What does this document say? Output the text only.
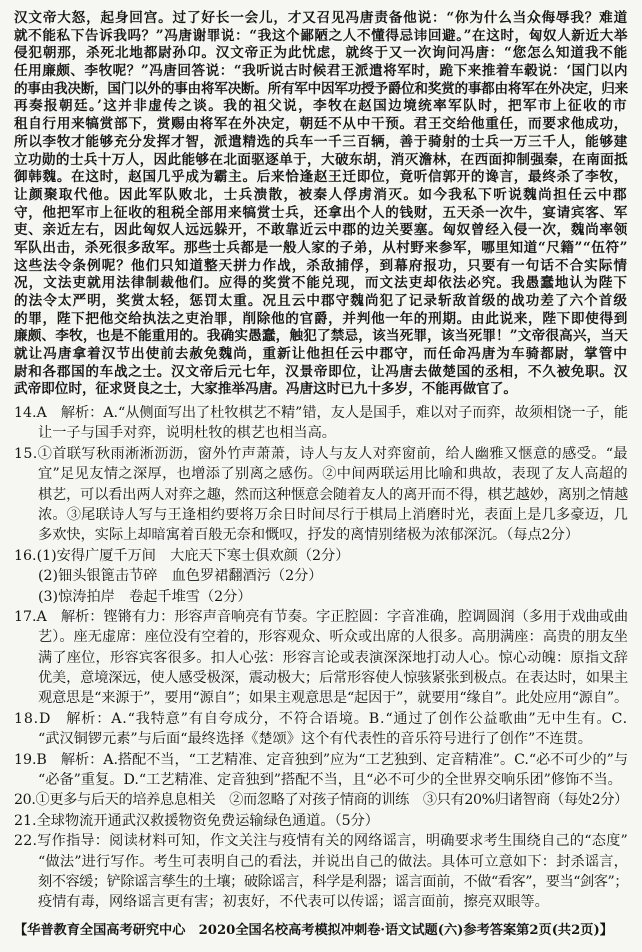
汉文帝大怒，起身回宫。过了好长一会儿，才又召见冯唐责备他说：“你为什么当众侮辱我？难道
就不能私下告诉我吗？”冯唐谢罪说：“我这个鄙陋之人不懂得忌讳回避。”在这时，匈奴人新近大举
侵犯朝那，杀死北地都尉孙卬。汉文帝正为此忧虑，就终于又一次询问冯唐：“您怎么知道我不能
任用廉颇、李牧呢？”冯唐回答说：“我听说古时候君王派遣将军时，跪下来推着车毂说：‘国门以内
的事由我决断，国门以外的事由将军决断。所有军中因军功授予爵位和奖赏的事都由将军在外决定，归来
再奏报朝廷。’这并非虚传之谈。我的祖父说，李牧在赵国边境统率军队时，把军市上征收的市
租自行用来犒赏部下，赏赐由将军在外决定，朝廷不从中干预。君王交给他重任，而要求他成功，
所以李牧才能够充分发挥才智，派遣精选的兵车一千三百辆，善于骑射的士兵一万三千人，能够建
立功勋的士兵十万人，因此能够在北面驱逐单于，大破东胡，消灭澹林，在西面抑制强秦，在南面抵
御韩魏。在这时，赵国几乎成为霸主。后来恰逢赵王迁即位，竟听信郭开的谗言，最终杀了李牧，
让颜聚取代他。因此军队败北，士兵溃散，被秦人俘虏消灭。如今我私下听说魏尚担任云中郡
守，他把军市上征收的租税全部用来犒赏士兵，还拿出个人的钱财，五天杀一次牛，宴请宾客、军
吏、亲近左右，因此匈奴人远远躲开，不敢靠近云中郡的边关要塞。匈奴曾经入侵一次，魏尚率领
军队出击，杀死很多敌军。那些士兵都是一般人家的子弟，从村野来参军，哪里知道“尺籍”“伍符”
这些法令条例呢？他们只知道整天拼力作战，杀敌捕俘，到幕府报功，只要有一句话不合实际情
况，文法吏就用法律制裁他们。应得的奖赏不能兑现，而文法吏却依法必究。我愚蠢地认为陛下
的法令太严明，奖赏太轻，惩罚太重。况且云中郡守魏尚犯了记录斩敌首级的战功差了六个首级
的罪，陛下把他交给执法之吏治罪，削除他的官爵，并判他一年的刑期。由此说来，陛下即使得到
廉颇、李牧，也是不能重用的。我确实愚蠢，触犯了禁忌，该当死罪，该当死罪！”文帝很高兴，当天
就让冯唐拿着汉节出使前去赦免魏尚，重新让他担任云中郡守，而任命冯唐为车骑都尉，掌管中
尉和各郡国的车战之士。汉文帝后元七年，汉景帝即位，让冯唐去做楚国的丞相，不久被免职。汉
武帝即位时，征求贤良之士，大家推举冯唐。冯唐这时已九十多岁，不能再做官了。
14.A　解析：A.“从侧面写出了杜牧棋艺不精”错，友人是国手，难以对子而弈，故须相饶一子，能
让一子与国手对弈，说明杜牧的棋艺也相当高。
15.①首联写秋雨淅淅沥沥，窗外竹声萧萧，诗人与友人对弈窗前，给人幽雅又惬意的感受。“最
宜”足见友情之深厚，也增添了别离之感伤。②中间两联运用比喻和典故，表现了友人高超的
棋艺，可以看出两人对弈之趣，然而这种惬意会随着友人的离开而不得，棋艺越妙，离别之情越
浓。③尾联诗人写与王逢相约要将万余日时间尽行于棋局上消磨时光，表面上是几多豪迈，几
多欢快，实际上却暗寓着百般无奈和慨叹，抒发的离情别绪极为浓郁深沉。（每点2分）
16.(1)安得广厦千万间　大庇天下寒士俱欢颜（2分）
(2)钿头银篦击节碎　血色罗裙翻酒污（2分）
(3)惊涛拍岸　卷起千堆雪（2分）
17.A　解析：铿锵有力：形容声音响亮有节奏。字正腔圆：字音准确，腔调圆润（多用于戏曲或曲
艺）。座无虚席：座位没有空着的，形容观众、听众或出席的人很多。高朋满座：高贵的朋友坐
满了座位，形容宾客很多。扣人心弦：形容言论或表演深深地打动人心。惊心动魄：原指文辞
优美，意境深远，使人感受极深，震动极大；后常形容使人惊骇紧张到极点。在表达时，如果主
观意思是“来源于”，要用“源自”；如果主观意思是“起因于”，就要用“缘自”。此处应用“源自”。
18.D　解析：A.“我特意”有自夸成分，不符合语境。B.“通过了创作公益歌曲”无中生有。C.
“武汉铜锣元素”与后面“最终选择《楚颂》这个有代表性的音乐符号进行了创作”不连贯。
19.B　解析：A.搭配不当，“工艺精准、定音独到”应为“工艺独到、定音精准”。C.“必不可少的”与
“必备”重复。D.“工艺精准、定音独到”搭配不当，且“必不可少的全世界交响乐团”修饰不当。
20.①更多与后天的培养息息相关　②而忽略了对孩子情商的训练　③只有20%归诸智商（每处2分）
21.全球物流开通武汉救援物资免费运输绿色通道。（5分）
22.写作指导：阅读材料可知，作文关注与疫情有关的网络谣言，明确要求考生围绕自己的“态度”
“做法”进行写作。考生可表明自己的看法，并说出自己的做法。具体可立意如下：封杀谣言，
刻不容缓；铲除谣言孳生的土壤；破除谣言，科学是利器；谣言面前，不做“看客”，要当“剑客”；
疫情有毒，网络谣言更有害；初衷好，不代表可以传谣；谣言面前，擦亮双眼等。
【华普教育全国高考研究中心　2020全国名校高考模拟冲刺卷·语文试题(六)参考答案第2页(共2页)】
